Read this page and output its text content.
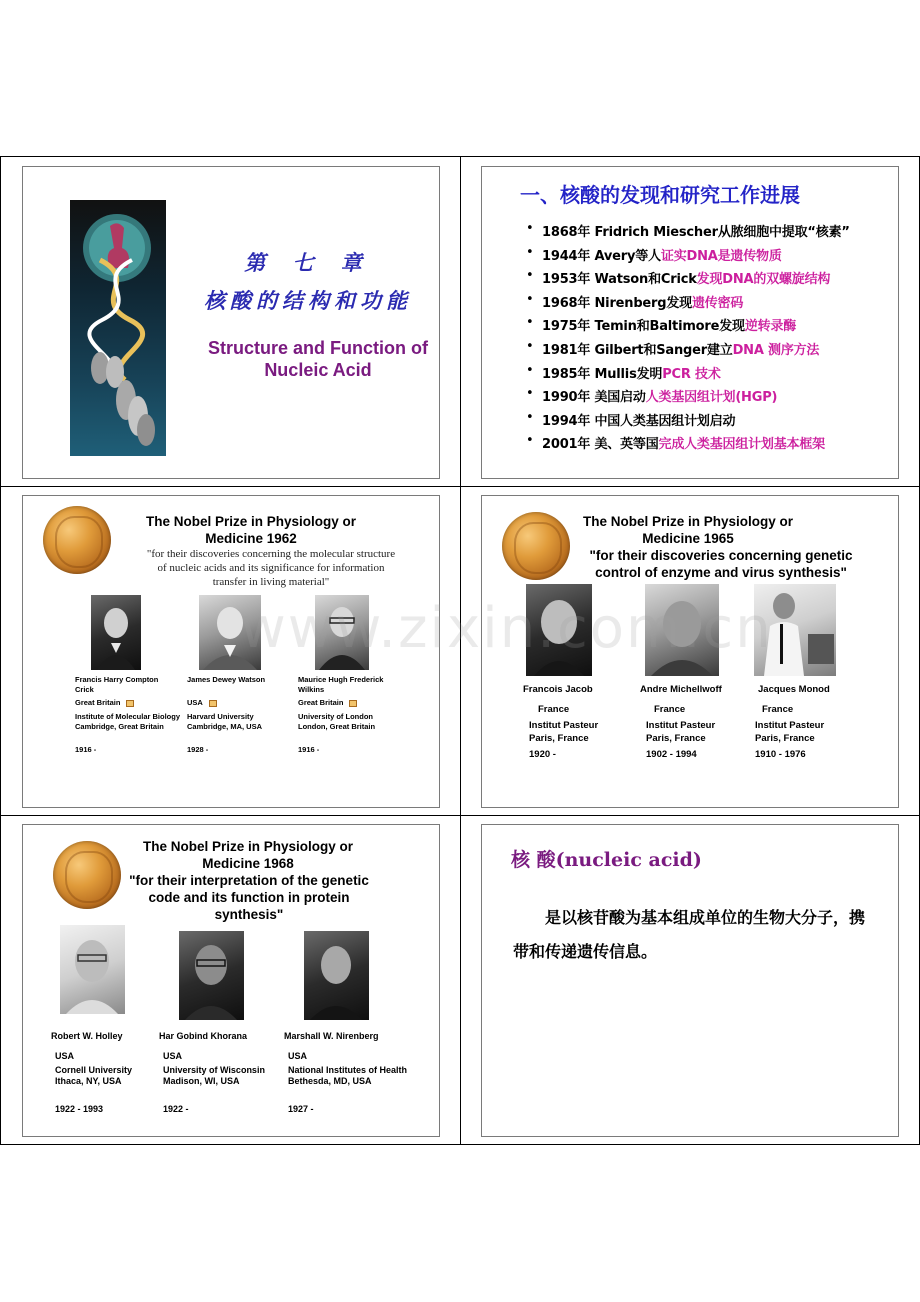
第 七 章
核酸的结构和功能
Structure and Function of Nucleic Acid
一、核酸的发现和研究工作进展
• 1868年 Fridrich Miescher从脓细胞中提取“核素”
• 1944年 Avery等人证实DNA是遗传物质
• 1953年 Watson和Crick发现DNA的双螺旋结构
• 1968年 Nirenberg发现遗传密码
• 1975年 Temin和Baltimore发现逆转录酶
• 1981年 Gilbert和Sanger建立DNA 测序方法
• 1985年 Mullis发明PCR 技术
• 1990年 美国启动人类基因组计划(HGP)
• 1994年 中国人类基因组计划启动
• 2001年 美、英等国完成人类基因组计划基本框架
The Nobel Prize in Physiology or
Medicine 1962
"for their discoveries concerning the molecular structure
of nucleic acids and its significance for information
transfer in living material"
Francis Harry Compton Crick
Great Britain
Institute of Molecular Biology Cambridge, Great Britain
1916 -
James Dewey Watson
USA
Harvard University Cambridge, MA, USA
1928 -
Maurice Hugh Frederick Wilkins
Great Britain
University of London London, Great Britain
1916 -
The Nobel Prize in Physiology or
Medicine 1965
"for their discoveries concerning genetic
control of enzyme and virus synthesis"
Francois Jacob
France
Institut Pasteur
Paris, France
1920 -
Andre Michellwoff
France
Institut Pasteur
Paris, France
1902 - 1994
Jacques Monod
France
Institut Pasteur
Paris, France
1910 - 1976
The Nobel Prize in Physiology or
Medicine 1968
"for their interpretation of the genetic
code and its function in protein
synthesis"
Robert W. Holley
USA
Cornell University
Ithaca, NY, USA
1922 - 1993
Har Gobind Khorana
USA
University of Wisconsin
Madison, WI, USA
1922 -
Marshall W. Nirenberg
USA
National Institutes of Health
Bethesda, MD, USA
1927 -
核 酸(nucleic acid)
是以核苷酸为基本组成单位的生物大分子，携带和传递遗传信息。
www.zixin.com.cn
